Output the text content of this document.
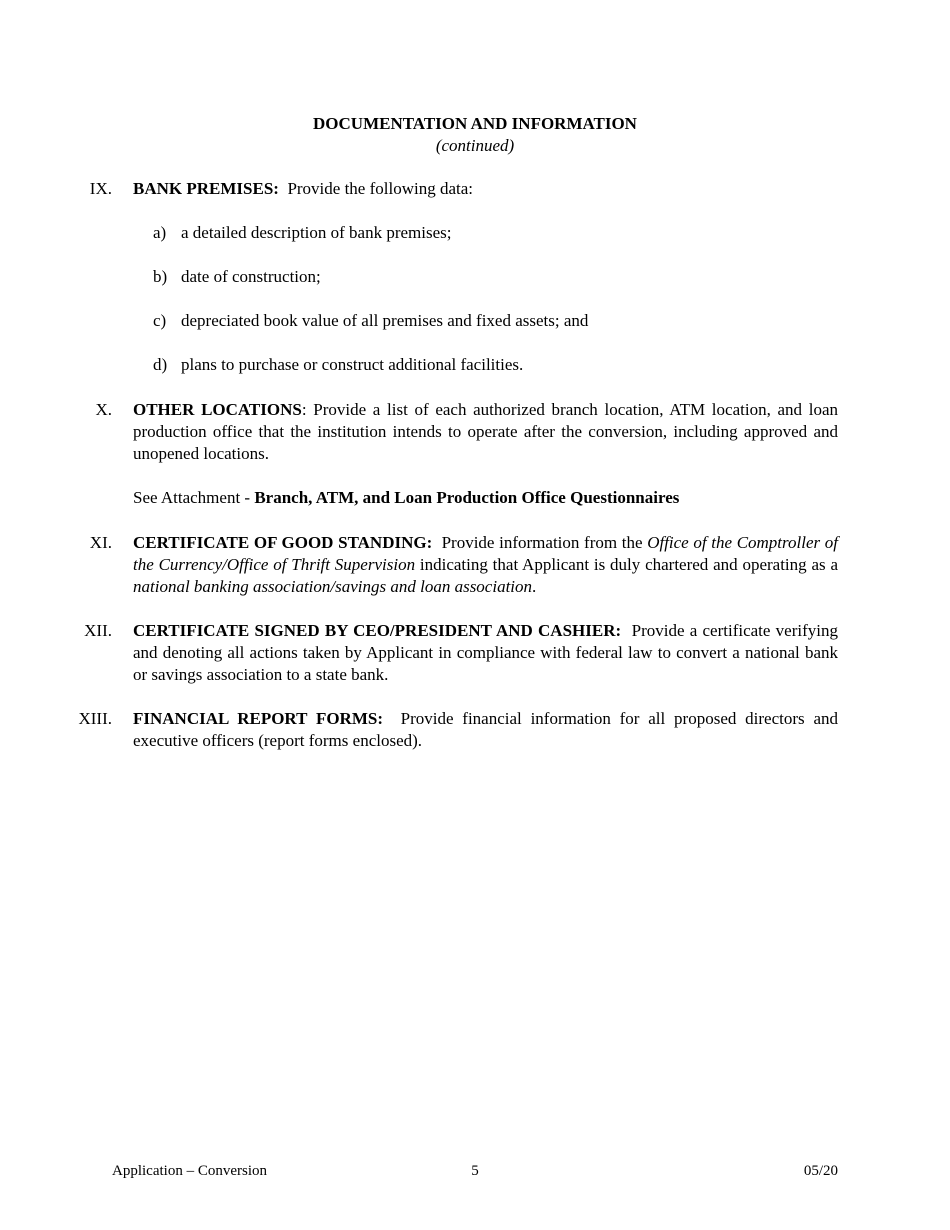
DOCUMENTATION AND INFORMATION
(continued)
IX. BANK PREMISES: Provide the following data:
a) a detailed description of bank premises;
b) date of construction;
c) depreciated book value of all premises and fixed assets; and
d) plans to purchase or construct additional facilities.
X. OTHER LOCATIONS: Provide a list of each authorized branch location, ATM location, and loan production office that the institution intends to operate after the conversion, including approved and unopened locations.
See Attachment - Branch, ATM, and Loan Production Office Questionnaires
XI. CERTIFICATE OF GOOD STANDING: Provide information from the Office of the Comptroller of the Currency/Office of Thrift Supervision indicating that Applicant is duly chartered and operating as a national banking association/savings and loan association.
XII. CERTIFICATE SIGNED BY CEO/PRESIDENT AND CASHIER: Provide a certificate verifying and denoting all actions taken by Applicant in compliance with federal law to convert a national bank or savings association to a state bank.
XIII. FINANCIAL REPORT FORMS: Provide financial information for all proposed directors and executive officers (report forms enclosed).
Application – Conversion	5	05/20
